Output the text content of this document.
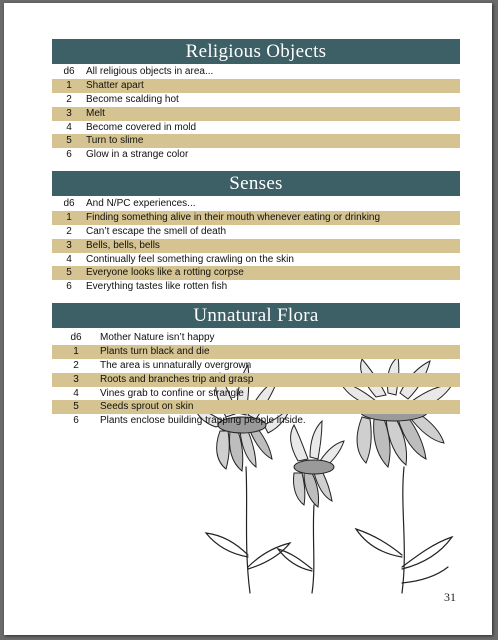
Religious Objects
d6	All religious objects in area...
1	Shatter apart
2	Become scalding hot
3	Melt
4	Become covered in mold
5	Turn to slime
6	Glow in a strange color
Senses
d6	And N/PC experiences...
1	Finding something alive in their mouth whenever eating or drinking
2	Can’t escape the smell of death
3	Bells, bells, bells
4	Continually feel something crawling on the skin
5	Everyone looks like a rotting corpse
6	Everything tastes like rotten fish
Unnatural Flora
d6	Mother Nature isn’t happy
1	Plants turn black and die
2	The area is unnaturally overgrown
3	Roots and branches trip and grasp
4	Vines grab to confine or strangle
5	Seeds sprout on skin
6	Plants enclose building trapping people inside.
31
